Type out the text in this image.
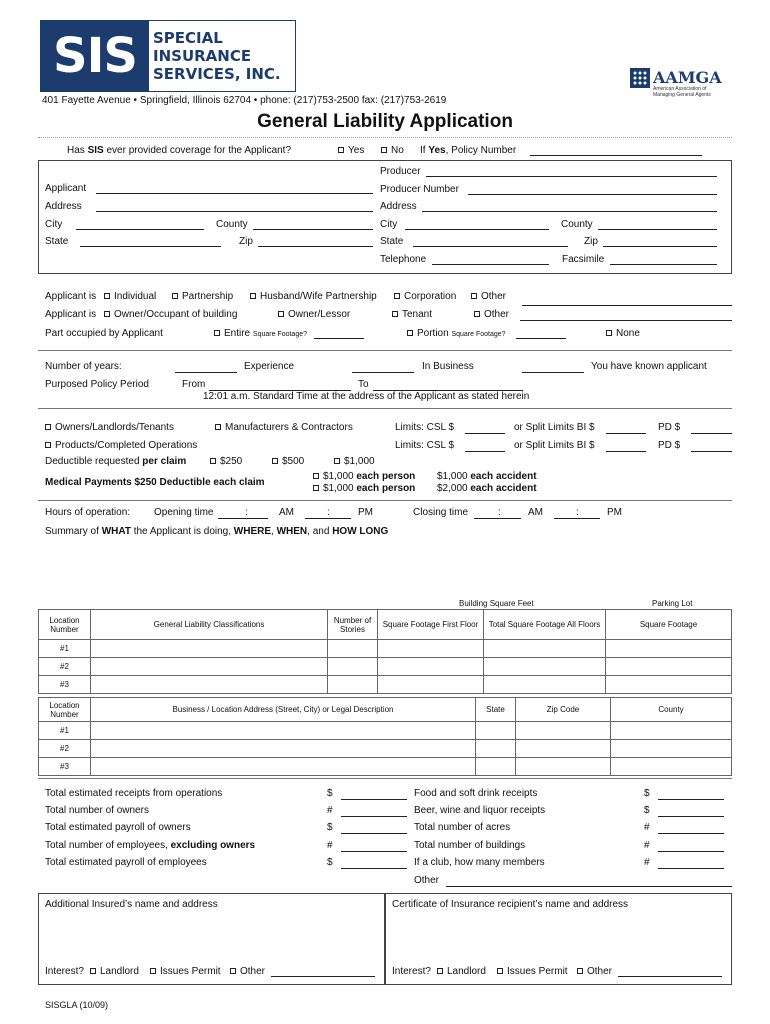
SIS	SPECIAL
INSURANCE
SERVICES, INC.	AAMGA
American Association of
Managing General Agents
401 Fayette Avenue • Springfield, Illinois 62704 • phone: (217)753-2500 fax: (217)753-2619
General Liability Application
Has SIS ever provided coverage for the Applicant?	Yes	No If Yes, Policy Number
Applicant
Address
City	County
State	Zip
Producer
Producer Number
Address
City	County
State	Zip
Telephone	Facsimile
Applicant is	Individual	Partnership	Husband/Wife Partnership	Corporation	Other
Applicant is	Owner/Occupant of building	Owner/Lessor	Tenant	Other
Part occupied by Applicant	Entire Square Footage?	Portion Square Footage?	None
Number of years:	Experience	In Business	You have known applicant
Purposed Policy Period	From	To
12:01 a.m. Standard Time at the address of the Applicant as stated herein
Owners/Landlords/Tenants	Manufacturers & Contractors	Limits: CSL $	or Split Limits BI $	PD $
Products/Completed Operations	Limits: CSL $	or Split Limits BI $	PD $
Deductible requested per claim	$250	$500	$1,000
Medical Payments $250 Deductible each claim
$1,000 each person
$1,000 each person
$1,000 each accident
$2,000 each accident
Hours of operation: Opening time	:	AM	:	PM	Closing time	:	AM	:	PM
Summary of WHAT the Applicant is doing, WHERE, WHEN, and HOW LONG
Building Square Feet	Parking Lot
Location Number	General Liability Classifications	Number of Stories	Square Footage First Floor	Total Square Footage All Floors	Square Footage
#1					
#2					
#3					
Location Number	Business / Location Address (Street, City) or Legal Description	State	Zip Code	County
#1				
#2				
#3				
Total estimated receipts from operations	$
Total number of owners	#
Total estimated payroll of owners	$
Total number of employees, excluding owners	#
Total estimated payroll of employees	$
Food and soft drink receipts	$
Beer, wine and liquor receipts	$
Total number of acres	#
Total number of buildings	#
If a club, how many members	#
Other
Additional Insured’s name and address	Certificate of Insurance recipient’s name and address
Interest?	Landlord	Issues Permit	Other	Interest?	Landlord	Issues Permit	Other
SISGLA (10/09)
